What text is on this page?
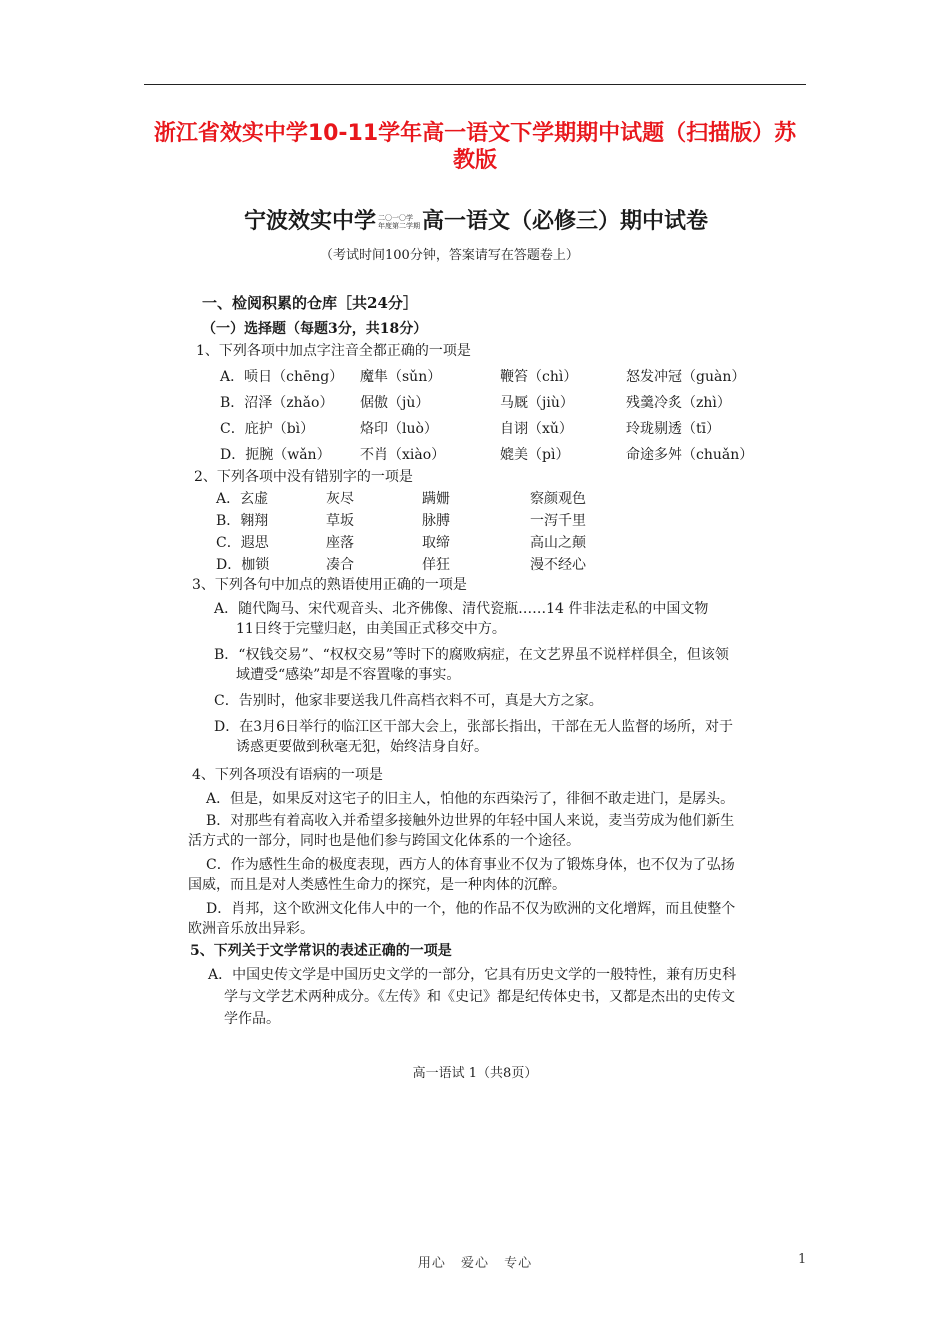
浙江省效实中学10-11学年高一语文下学期期中试题（扫描版）苏教版
宁波效实中学 二〇一〇学
年度第二学期高一语文（必修三）期中试卷
（考试时间100分钟，答案请写在答题卷上）
一、检阅积累的仓库［共24分］
（一）选择题（每题3分，共18分）
1、下列各项中加点字注音全都正确的一项是
A．唝日（chēng） 魔隼（sǔn）	鞭笞（chì）	怒发冲冠（guàn）
B．沼泽（zhǎo） 倨傲（jù）	马厩（jiù）	残羹冷炙（zhì）
C．庇护（bì）	烙印（luò）	自诩（xǔ）	玲珑剔透（tī）
D．扼腕（wǎn） 不肖（xiào）	媲美（pì）	命途多舛（chuǎn）
2、下列各项中没有错别字的一项是
A．玄虚	灰尽	蹒姗	察颜观色
B．翱翔	草坂	脉膊	一泻千里
C．遐思	座落	取缔	高山之颠
D．枷锁	凑合	佯狂	漫不经心
3、下列各句中加点的熟语使用正确的一项是
A．随代陶马、宋代观音头、北齐佛像、清代瓷瓶……14 件非法走私的中国文物
11日终于完璧归赵，由美国正式移交中方。
B．“权钱交易”、“权权交易”等时下的腐败病症，在文艺界虽不说样样俱全，但该领
域遭受“感染”却是不容置喙的事实。
C．告别时，他家非要送我几件高档衣料不可，真是大方之家。
D．在3月6日举行的临江区干部大会上，张部长指出，干部在无人监督的场所，对于
诱惑更要做到秋毫无犯，始终洁身自好。
4、下列各项没有语病的一项是
A．但是，如果反对这宅子的旧主人，怕他的东西染污了，徘徊不敢走进门，是孱头。
B．对那些有着高收入并希望多接触外边世界的年轻中国人来说，麦当劳成为他们新生
活方式的一部分，同时也是他们参与跨国文化体系的一个途径。
C．作为感性生命的极度表现，西方人的体育事业不仅为了锻炼身体，也不仅为了弘扬
国威，而且是对人类感性生命力的探究，是一种肉体的沉醉。
D．肖邦，这个欧洲文化伟人中的一个，他的作品不仅为欧洲的文化增辉，而且使整个
欧洲音乐放出异彩。
5、下列关于文学常识的表述正确的一项是
A．中国史传文学是中国历史文学的一部分，它具有历史文学的一般特性，兼有历史科
学与文学艺术两种成分。《左传》和《史记》都是纪传体史书，又都是杰出的史传文
学作品。
高一语试 1（共8页）
用心 爱心 专心	1
